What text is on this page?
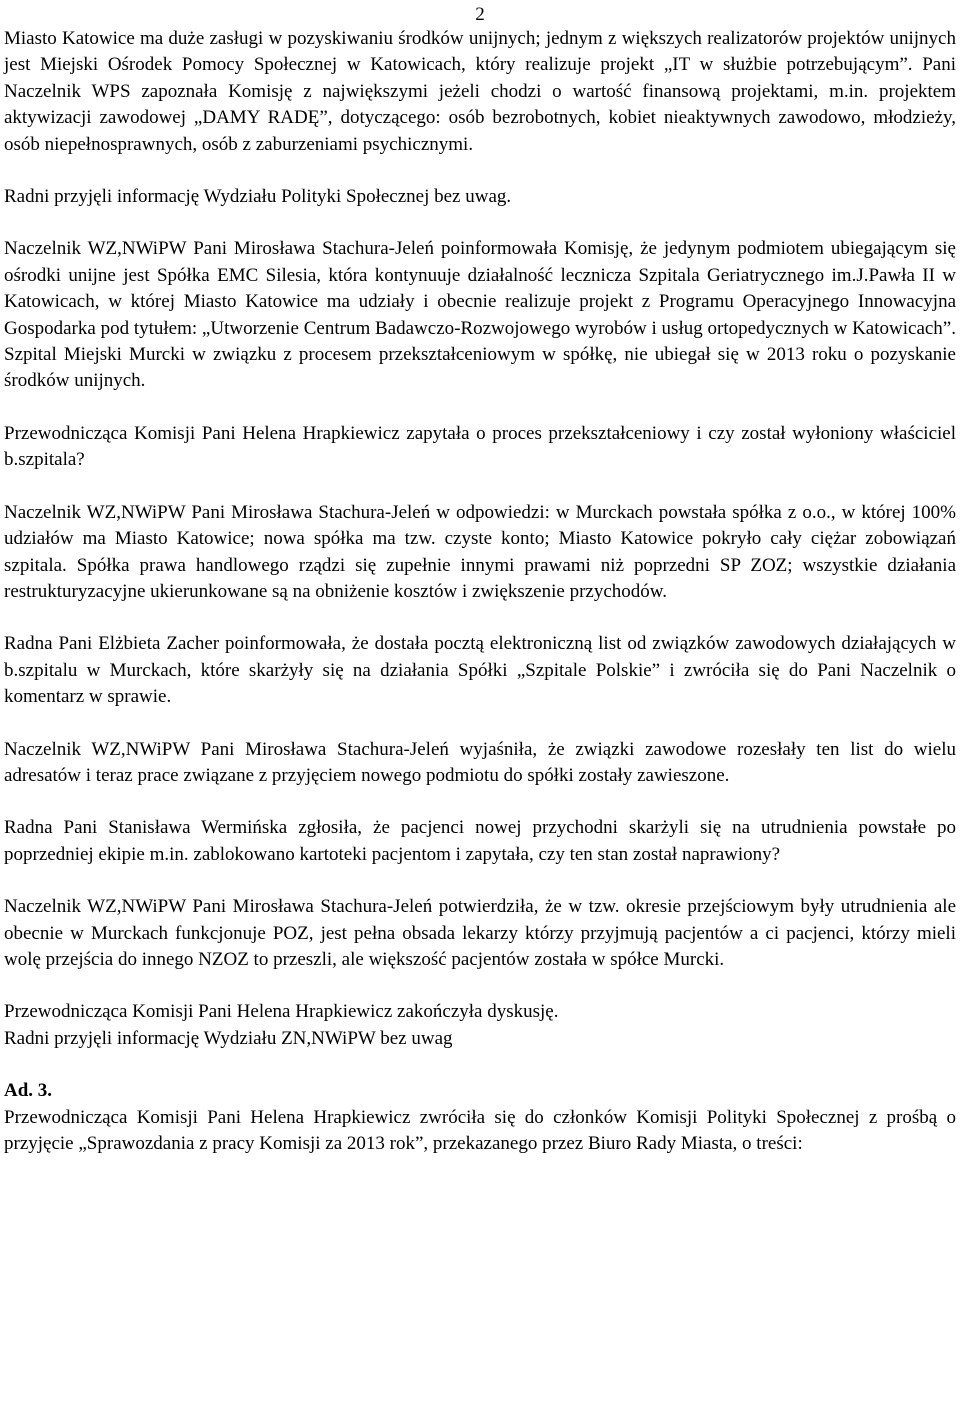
2

Miasto Katowice ma duże zasługi w pozyskiwaniu środków unijnych; jednym z większych realizatorów projektów unijnych jest Miejski Ośrodek Pomocy Społecznej w Katowicach, który realizuje projekt „IT w służbie potrzebującym”. Pani Naczelnik WPS zapoznała Komisję z największymi jeżeli chodzi o wartość finansową projektami, m.in. projektem aktywizacji zawodowej „DAMY RADĘ”, dotyczącego: osób bezrobotnych, kobiet nieaktywnych zawodowo, młodzieży, osób niepełnosprawnych, osób z zaburzeniami psychicznymi.

Radni przyjęli informację Wydziału Polityki Społecznej bez uwag.

Naczelnik WZ,NWiPW Pani Mirosława Stachura-Jeleń poinformowała Komisję, że jedynym podmiotem ubiegającym się ośrodki unijne jest Spółka EMC Silesia, która kontynuuje działalność lecznicza Szpitala Geriatrycznego im.J.Pawła II w Katowicach, w której Miasto Katowice ma udziały i obecnie realizuje projekt z Programu Operacyjnego Innowacyjna Gospodarka pod tytułem: „Utworzenie Centrum Badawczo-Rozwojowego wyrobów i usług ortopedycznych w Katowicach”. Szpital Miejski Murcki w związku z procesem przekształceniowym w spółkę, nie ubiegał się w 2013 roku o pozyskanie środków unijnych.

Przewodnicząca Komisji Pani Helena Hrapkiewicz zapytała o proces przekształceniowy i czy został wyłoniony właściciel b.szpitala?

Naczelnik WZ,NWiPW Pani Mirosława Stachura-Jeleń w odpowiedzi: w Murckach powstała spółka z o.o., w której 100% udziałów ma Miasto Katowice; nowa spółka ma tzw. czyste konto; Miasto Katowice pokryło cały ciężar zobowiązań szpitala. Spółka prawa handlowego rządzi się zupełnie innymi prawami niż poprzedni SP ZOZ; wszystkie działania restrukturyzacyjne ukierunkowane są na obniżenie kosztów i zwiększenie przychodów.

Radna Pani Elżbieta Zacher poinformowała, że dostała pocztą elektroniczną list od związków zawodowych działających w b.szpitalu w Murckach, które skarżyły się na działania Spółki „Szpitale Polskie” i zwróciła się do Pani Naczelnik o komentarz w sprawie.

Naczelnik WZ,NWiPW Pani Mirosława Stachura-Jeleń wyjaśniła, że związki zawodowe rozesłały ten list do wielu adresatów i teraz prace związane z przyjęciem nowego podmiotu do spółki zostały zawieszone.

Radna Pani Stanisława Wermińska zgłosiła, że pacjenci nowej przychodni skarżyli się na utrudnienia powstałe po poprzedniej ekipie m.in. zablokowano kartoteki pacjentom i zapytała, czy ten stan został naprawiony?

Naczelnik WZ,NWiPW Pani Mirosława Stachura-Jeleń potwierdziła, że w tzw. okresie przejściowym były utrudnienia ale obecnie w Murckach funkcjonuje POZ, jest pełna obsada lekarzy którzy przyjmują pacjentów a ci pacjenci, którzy mieli wolę przejścia do innego NZOZ to przeszli, ale większość pacjentów została w spółce Murcki.

Przewodnicząca Komisji Pani Helena Hrapkiewicz zakończyła dyskusję.

Radni przyjęli informację Wydziału ZN,NWiPW bez uwag

Ad. 3.

Przewodnicząca Komisji Pani Helena Hrapkiewicz zwróciła się do członków Komisji Polityki Społecznej z prośbą o przyjęcie „Sprawozdania z pracy Komisji za 2013 rok”, przekazanego przez Biuro Rady Miasta, o treści:
